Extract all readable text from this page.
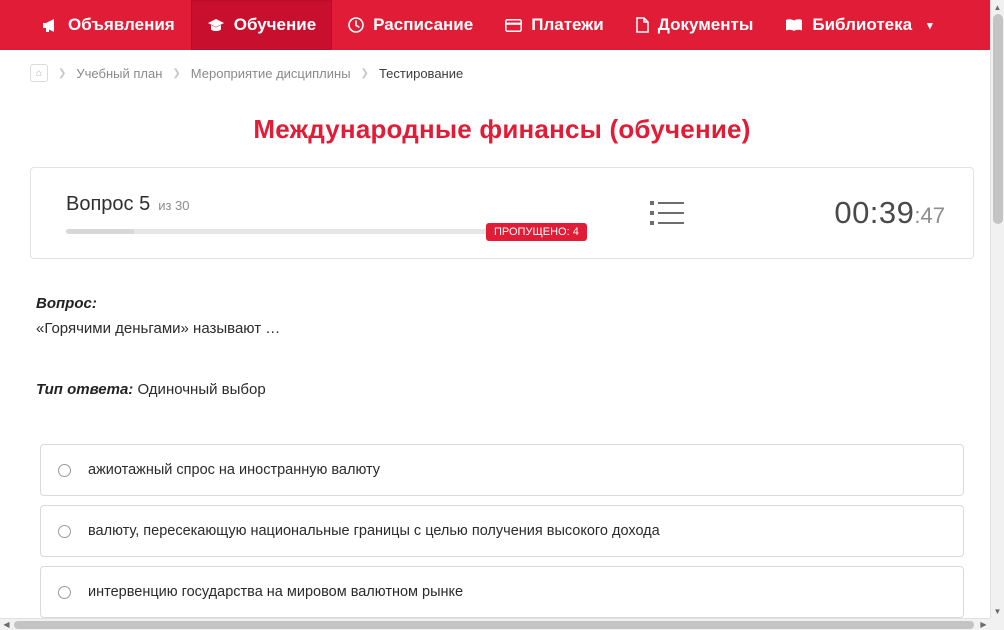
Объявления	Обучение	Расписание	Платежи	Документы	Библиотека ▾
⌂	❯ Учебный план ❯ Мероприятие дисциплины ❯ Тестирование
Международные финансы (обучение)
Вопрос 5 из 30
ПРОПУЩЕНО: 4
00:39:47
Вопрос:
«Горячими деньгами» называют …
Тип ответа: Одиночный выбор
ажиотажный спрос на иностранную валюту
валюту, пересекающую национальные границы с целью получения высокого дохода
интервенцию государства на мировом валютном рынке
▲
▼
◀	▶
